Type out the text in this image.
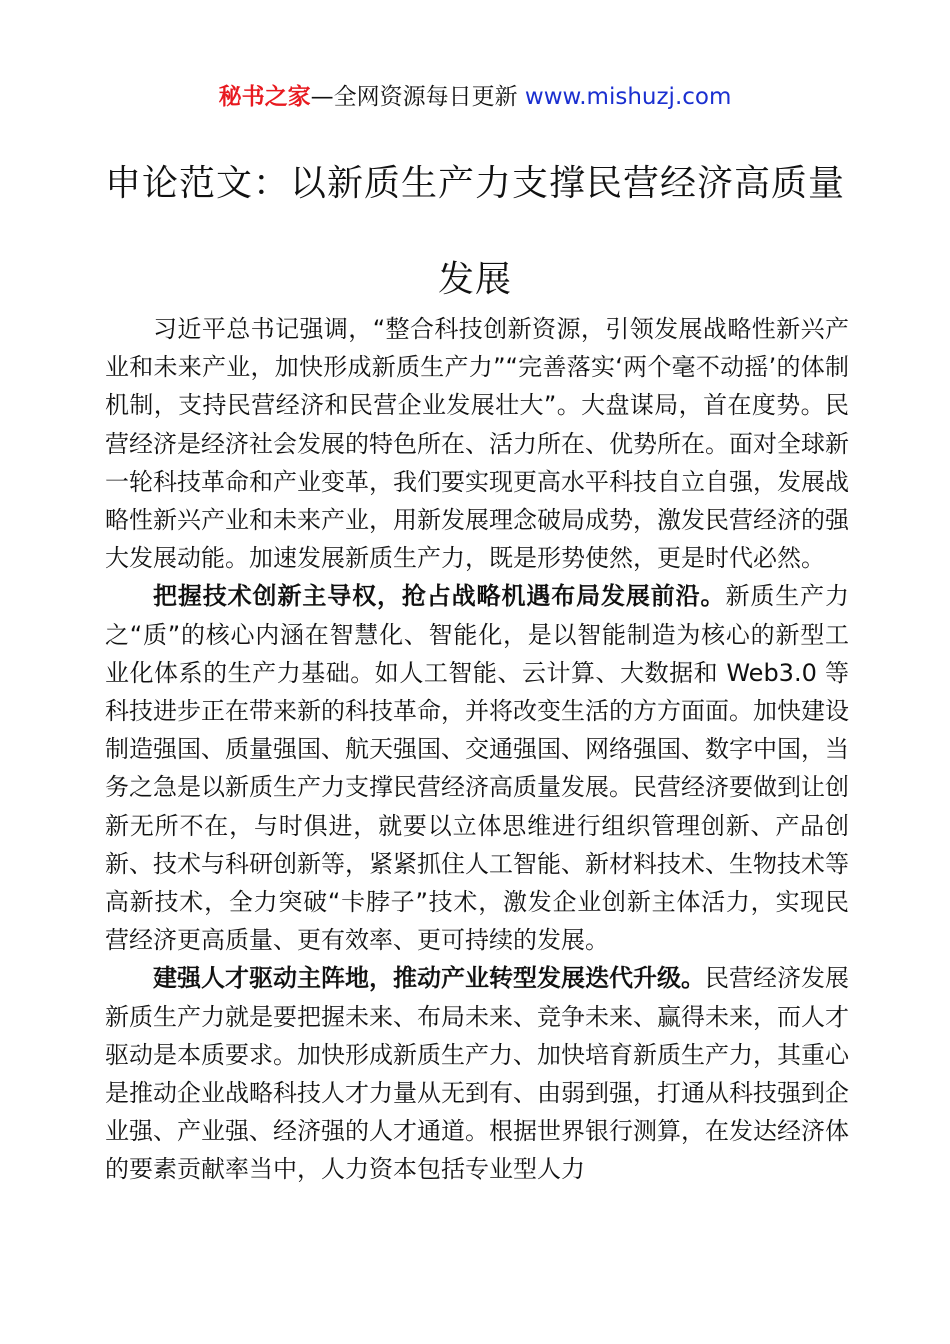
秘书之家—全网资源每日更新 www.mishuzj.com
申论范文：以新质生产力支撑民营经济高质量发展

习近平总书记强调，“整合科技创新资源，引领发展战略性新兴产业和未来产业，加快形成新质生产力”“完善落实‘两个毫不动摇’的体制机制，支持民营经济和民营企业发展壮大”。大盘谋局，首在度势。民营经济是经济社会发展的特色所在、活力所在、优势所在。面对全球新一轮科技革命和产业变革，我们要实现更高水平科技自立自强，发展战略性新兴产业和未来产业，用新发展理念破局成势，激发民营经济的强大发展动能。加速发展新质生产力，既是形势使然，更是时代必然。

把握技术创新主导权，抢占战略机遇布局发展前沿。新质生产力之“质”的核心内涵在智慧化、智能化，是以智能制造为核心的新型工业化体系的生产力基础。如人工智能、云计算、大数据和 Web3.0 等科技进步正在带来新的科技革命，并将改变生活的方方面面。加快建设制造强国、质量强国、航天强国、交通强国、网络强国、数字中国，当务之急是以新质生产力支撑民营经济高质量发展。民营经济要做到让创新无所不在，与时俱进，就要以立体思维进行组织管理创新、产品创新、技术与科研创新等，紧紧抓住人工智能、新材料技术、生物技术等高新技术，全力突破“卡脖子”技术，激发企业创新主体活力，实现民营经济更高质量、更有效率、更可持续的发展。

建强人才驱动主阵地，推动产业转型发展迭代升级。民营经济发展新质生产力就是要把握未来、布局未来、竞争未来、赢得未来，而人才驱动是本质要求。加快形成新质生产力、加快培育新质生产力，其重心是推动企业战略科技人才力量从无到有、由弱到强，打通从科技强到企业强、产业强、经济强的人才通道。根据世界银行测算，在发达经济体的要素贡献率当中，人力资本包括专业型人力
